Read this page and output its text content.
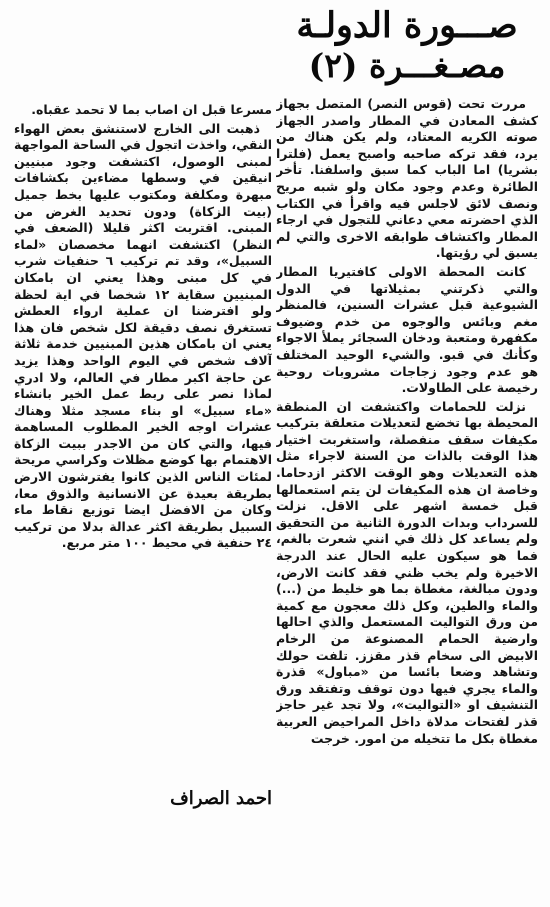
صـــورة الدولـة
مصـغـــرة (٢)

مررت تحت (قوس النصر) المتصل بجهاز كشف المعادن في المطار واصدر الجهاز صوته الكريه المعتاد، ولم يكن هناك من يرد، فقد تركه صاحبه واصبح يعمل (فلترا بشريا) اما الباب كما سبق واسلفنا. تأخر الطائرة وعدم وجود مكان ولو شبه مريح ونصف لائق لاجلس فيه واقرأ في الكتاب الذي احضرته معي دعاني للتجول في ارجاء المطار واكتشاف طوابقه الاخرى والتي لم يسبق لي رؤيتها.

كانت المحطة الاولى كافتيريا المطار والتي ذكرتني بمثيلاتها في الدول الشيوعية قبل عشرات السنين، فالمنظر مغم وبائس والوجوه من خدم وضيوف مكفهرة ومتعبة ودخان السجائر يملأ الاجواء وكأنك في قبو. والشيء الوحيد المختلف هو عدم وجود زجاجات مشروبات روحية رخيصة على الطاولات.

نزلت للحمامات واكتشفت ان المنطقة المحيطة بها تخضع لتعديلات متعلقة بتركيب مكيفات سقف منفصلة، واستغربت اختيار هذا الوقت بالذات من السنة لاجراء مثل هذه التعديلات وهو الوقت الاكثر ازدحاما. وخاصة ان هذه المكيفات لن يتم استعمالها قبل خمسة اشهر على الاقل. نزلت للسرداب وبدات الدورة الثانية من التحقيق ولم يساعد كل ذلك في انني شعرت بالغم، فما هو سيكون عليه الحال عند الدرجة الاخيرة ولم يخب ظني فقد كانت الارض، ودون مبالغة، مغطاة بما هو خليط من (...) والماء والطين، وكل ذلك معجون مع كمية من ورق التواليت المستعمل والذي احالها وارضية الحمام المصنوعة من الرخام الابيض الى سخام قذر مقزز. تلفت حولك وتشاهد وضعا بائسا من «مباول» قذرة والماء يجري فيها دون توقف وتفتقد ورق التنشيف او «التواليت»، ولا تجد غير حاجز قذر لفتحات مدلاة داخل المراحيض العربية مغطاة بكل ما تتخيله من امور. خرجت

مسرعا قبل ان اصاب بما لا تحمد عقباه.

ذهبت الى الخارج لاستنشق بعض الهواء النقي، واخذت اتجول في الساحة المواجهة لمبنى الوصول، اكتشفت وجود مبنيين انيقين في وسطها مضاءين بكشافات مبهرة ومكلفة ومكتوب عليها بخط جميل (بيت الزكاة) ودون تحديد الغرض من المبنى. اقتربت اكثر قليلا (الضعف في النظر) اكتشفت انهما مخصصان «لماء السبيل»، وقد تم تركيب ٦ حنفيات شرب في كل مبنى وهذا يعني ان بامكان المبنيين سقاية ١٢ شخصا في اية لحظة ولو افترضنا ان عملية ارواء العطش تستغرق نصف دقيقة لكل شخص فان هذا يعني ان بامكان هذين المبنيين خدمة ثلاثة آلاف شخص في اليوم الواحد وهذا يزيد عن حاجة اكبر مطار في العالم، ولا ادري لماذا نصر على ربط عمل الخير بانشاء «ماء سبيل» او بناء مسجد مثلا وهناك عشرات اوجه الخير المطلوب المساهمة فيها، والتي كان من الاجدر ببيت الزكاة الاهتمام بها كوضع مظلات وكراسي مريحة لمئات الناس الذين كانوا يفترشون الارض بطريقة بعيدة عن الانسانية والذوق معا، وكان من الافضل ايضا توزيع نقاط ماء السبيل بطريقة اكثر عدالة بدلا من تركيب ٢٤ حنفية في محيط ١٠٠ متر مربع.

احمد الصراف
